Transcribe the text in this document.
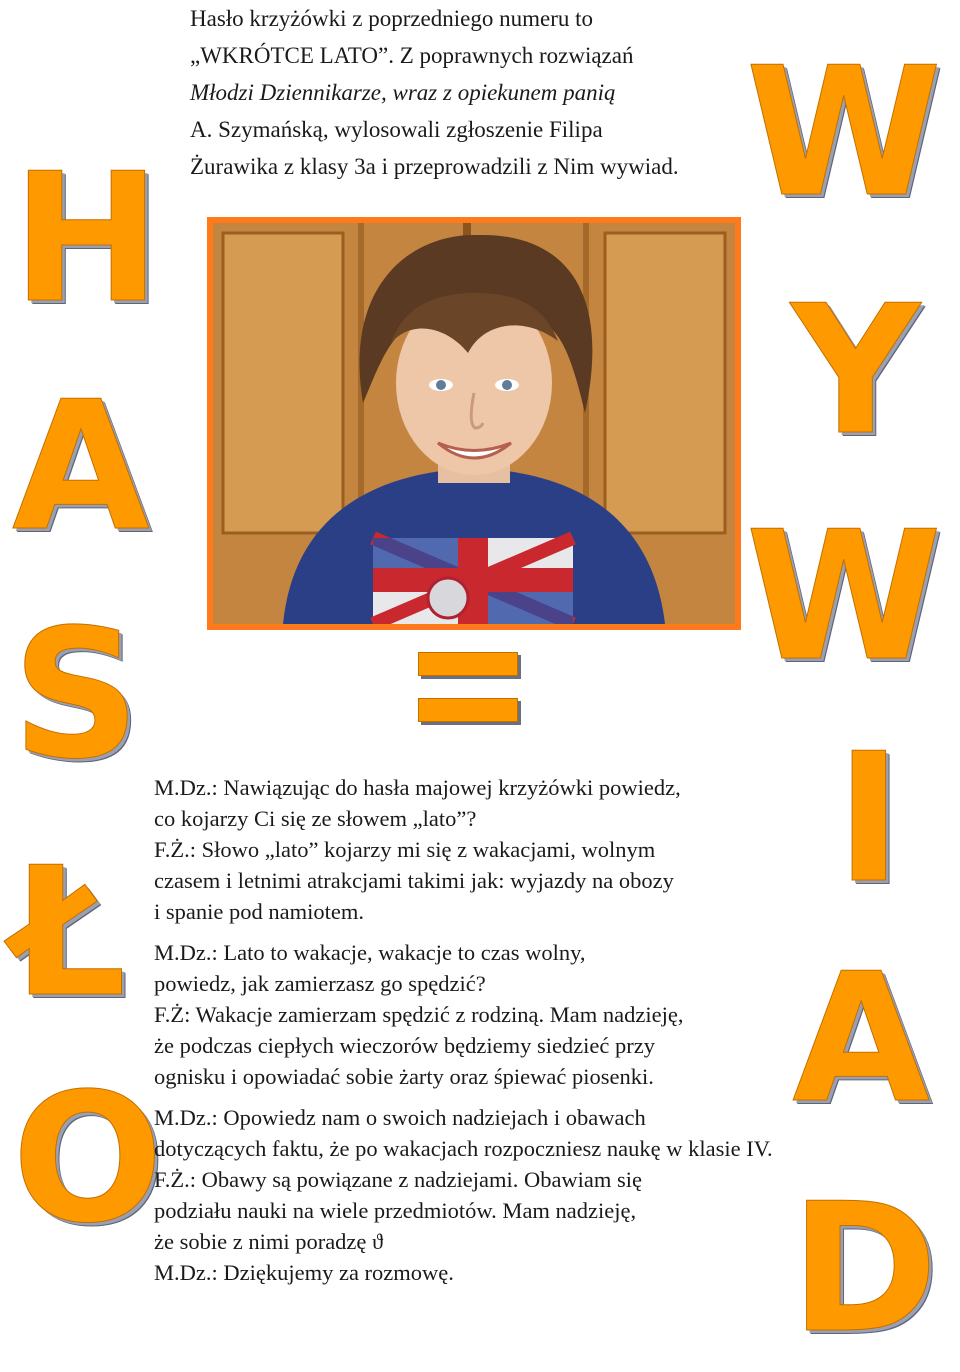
H
A
S
Ł
O
W
Y
W
I
A
D
Hasło krzyżówki z poprzedniego numeru to
„WKRÓTCE LATO”. Z poprawnych rozwiązań
Młodzi Dziennikarze, wraz z opiekunem panią
A. Szymańską, wylosowali zgłoszenie Filipa
Żurawika z klasy 3a i przeprowadzili z Nim wywiad.
M.Dz.: Nawiązując do hasła majowej krzyżówki powiedz,
co kojarzy Ci się ze słowem „lato”?
F.Ż.: Słowo „lato” kojarzy mi się z wakacjami, wolnym
czasem i letnimi atrakcjami takimi jak: wyjazdy na obozy
i spanie pod namiotem.
M.Dz.: Lato to wakacje, wakacje to czas wolny,
powiedz, jak zamierzasz go spędzić?
F.Ż: Wakacje zamierzam spędzić z rodziną. Mam nadzieję,
że podczas ciepłych wieczorów będziemy siedzieć przy
ognisku i opowiadać sobie żarty oraz śpiewać piosenki.
M.Dz.: Opowiedz nam o swoich nadziejach i obawach
dotyczących faktu, że po wakacjach rozpoczniesz naukę w klasie IV.
F.Ż.: Obawy są powiązane z nadziejami. Obawiam się
podziału nauki na wiele przedmiotów. Mam nadzieję,
że sobie z nimi poradzę ϑ
M.Dz.: Dziękujemy za rozmowę.
